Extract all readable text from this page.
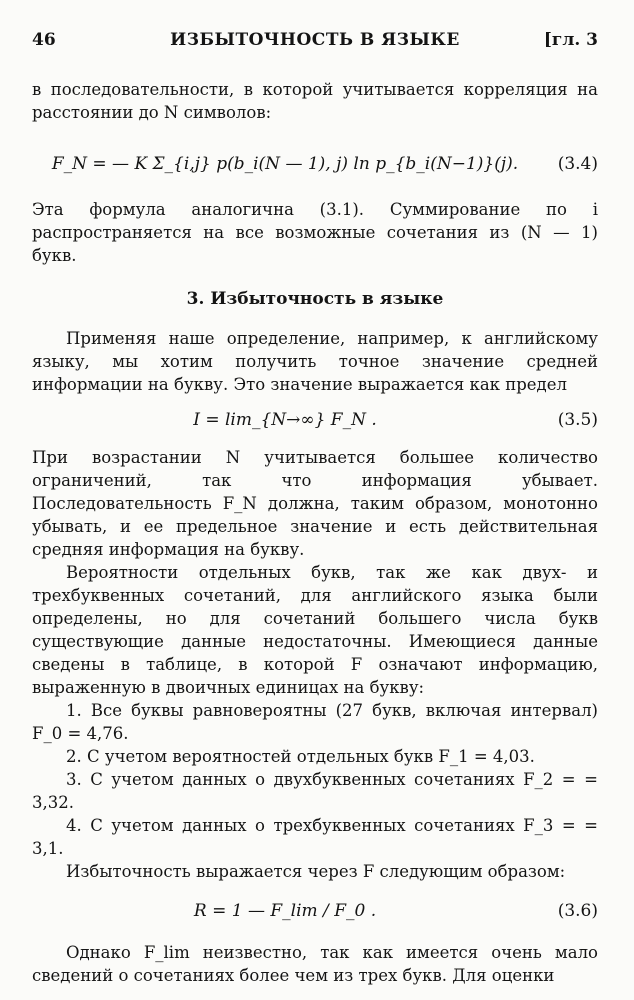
46	ИЗБЫТОЧНОСТЬ В ЯЗЫКЕ	[гл. 3

в последовательности, в которой учитывается корреляция на расстоянии до N символов:

F_N = — K Σ_{i,j} p(b_i(N — 1), j) ln p_{b_i(N−1)}(j).	(3.4)

Эта формула аналогична (3.1). Суммирование по i распространяется на все возможные сочетания из (N — 1) букв.

3. Избыточность в языке

Применяя наше определение, например, к английскому языку, мы хотим получить точное значение средней информации на букву. Это значение выражается как предел

I = lim_{N→∞} F_N .	(3.5)

При возрастании N учитывается большее количество ограничений, так что информация убывает. Последовательность F_N должна, таким образом, монотонно убывать, и ее предельное значение и есть действительная средняя информация на букву.

Вероятности отдельных букв, так же как двух- и трехбуквенных сочетаний, для английского языка были определены, но для сочетаний большего числа букв существующие данные недостаточны. Имеющиеся данные сведены в таблице, в которой F означают информацию, выраженную в двоичных единицах на букву:

1. Все буквы равновероятны (27 букв, включая интервал) F_0 = 4,76.

2. С учетом вероятностей отдельных букв F_1 = 4,03.

3. С учетом данных о двухбуквенных сочетаниях F_2 = = 3,32.

4. С учетом данных о трехбуквенных сочетаниях F_3 = = 3,1.

Избыточность выражается через F следующим образом:

R = 1 — F_lim / F_0 .	(3.6)

Однако F_lim неизвестно, так как имеется очень мало сведений о сочетаниях более чем из трех букв. Для оценки
